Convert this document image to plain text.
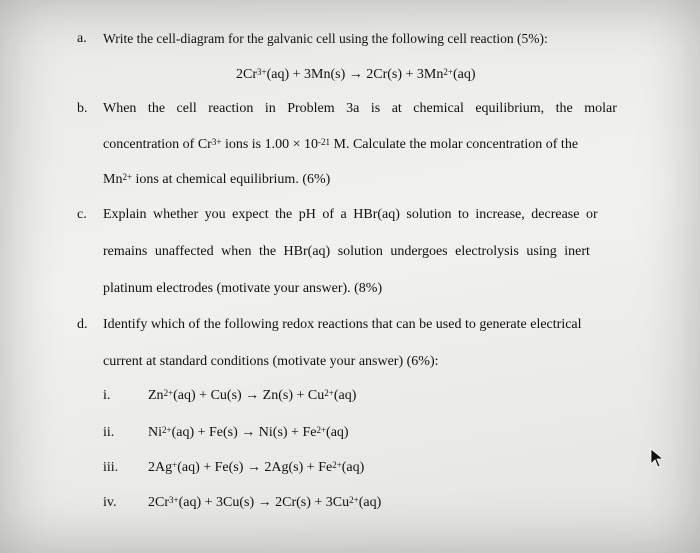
a.	Write the cell-diagram for the galvanic cell using the following cell reaction (5%):
$2Cr^{3+}(aq) + 3Mn(s) \to 2Cr(s) + 3Mn^{2+}(aq)$
b.	When the cell reaction in Problem 3a is at chemical equilibrium, the molar
concentration of $Cr^{3+}$ ions is $1.00 \times 10^{-21}$ M. Calculate the molar concentration of the
$Mn^{2+}$ ions at chemical equilibrium. (6%)
c.	Explain whether you expect the pH of a HBr(aq) solution to increase, decrease or
remains unaffected when the HBr(aq) solution undergoes electrolysis using inert
platinum electrodes (motivate your answer). (8%)
d.	Identify which of the following redox reactions that can be used to generate electrical
current at standard conditions (motivate your answer) (6%):
i.	$Zn^{2+}(aq) + Cu(s) \to Zn(s) + Cu^{2+}(aq)$
ii.	$Ni^{2+}(aq) + Fe(s) \to Ni(s) + Fe^{2+}(aq)$
iii.	$2Ag^+(aq) + Fe(s) \to 2Ag(s) + Fe^{2+}(aq)$
iv.	$2Cr^{3+}(aq) + 3Cu(s) \to 2Cr(s) + 3Cu^{2+}(aq)$
